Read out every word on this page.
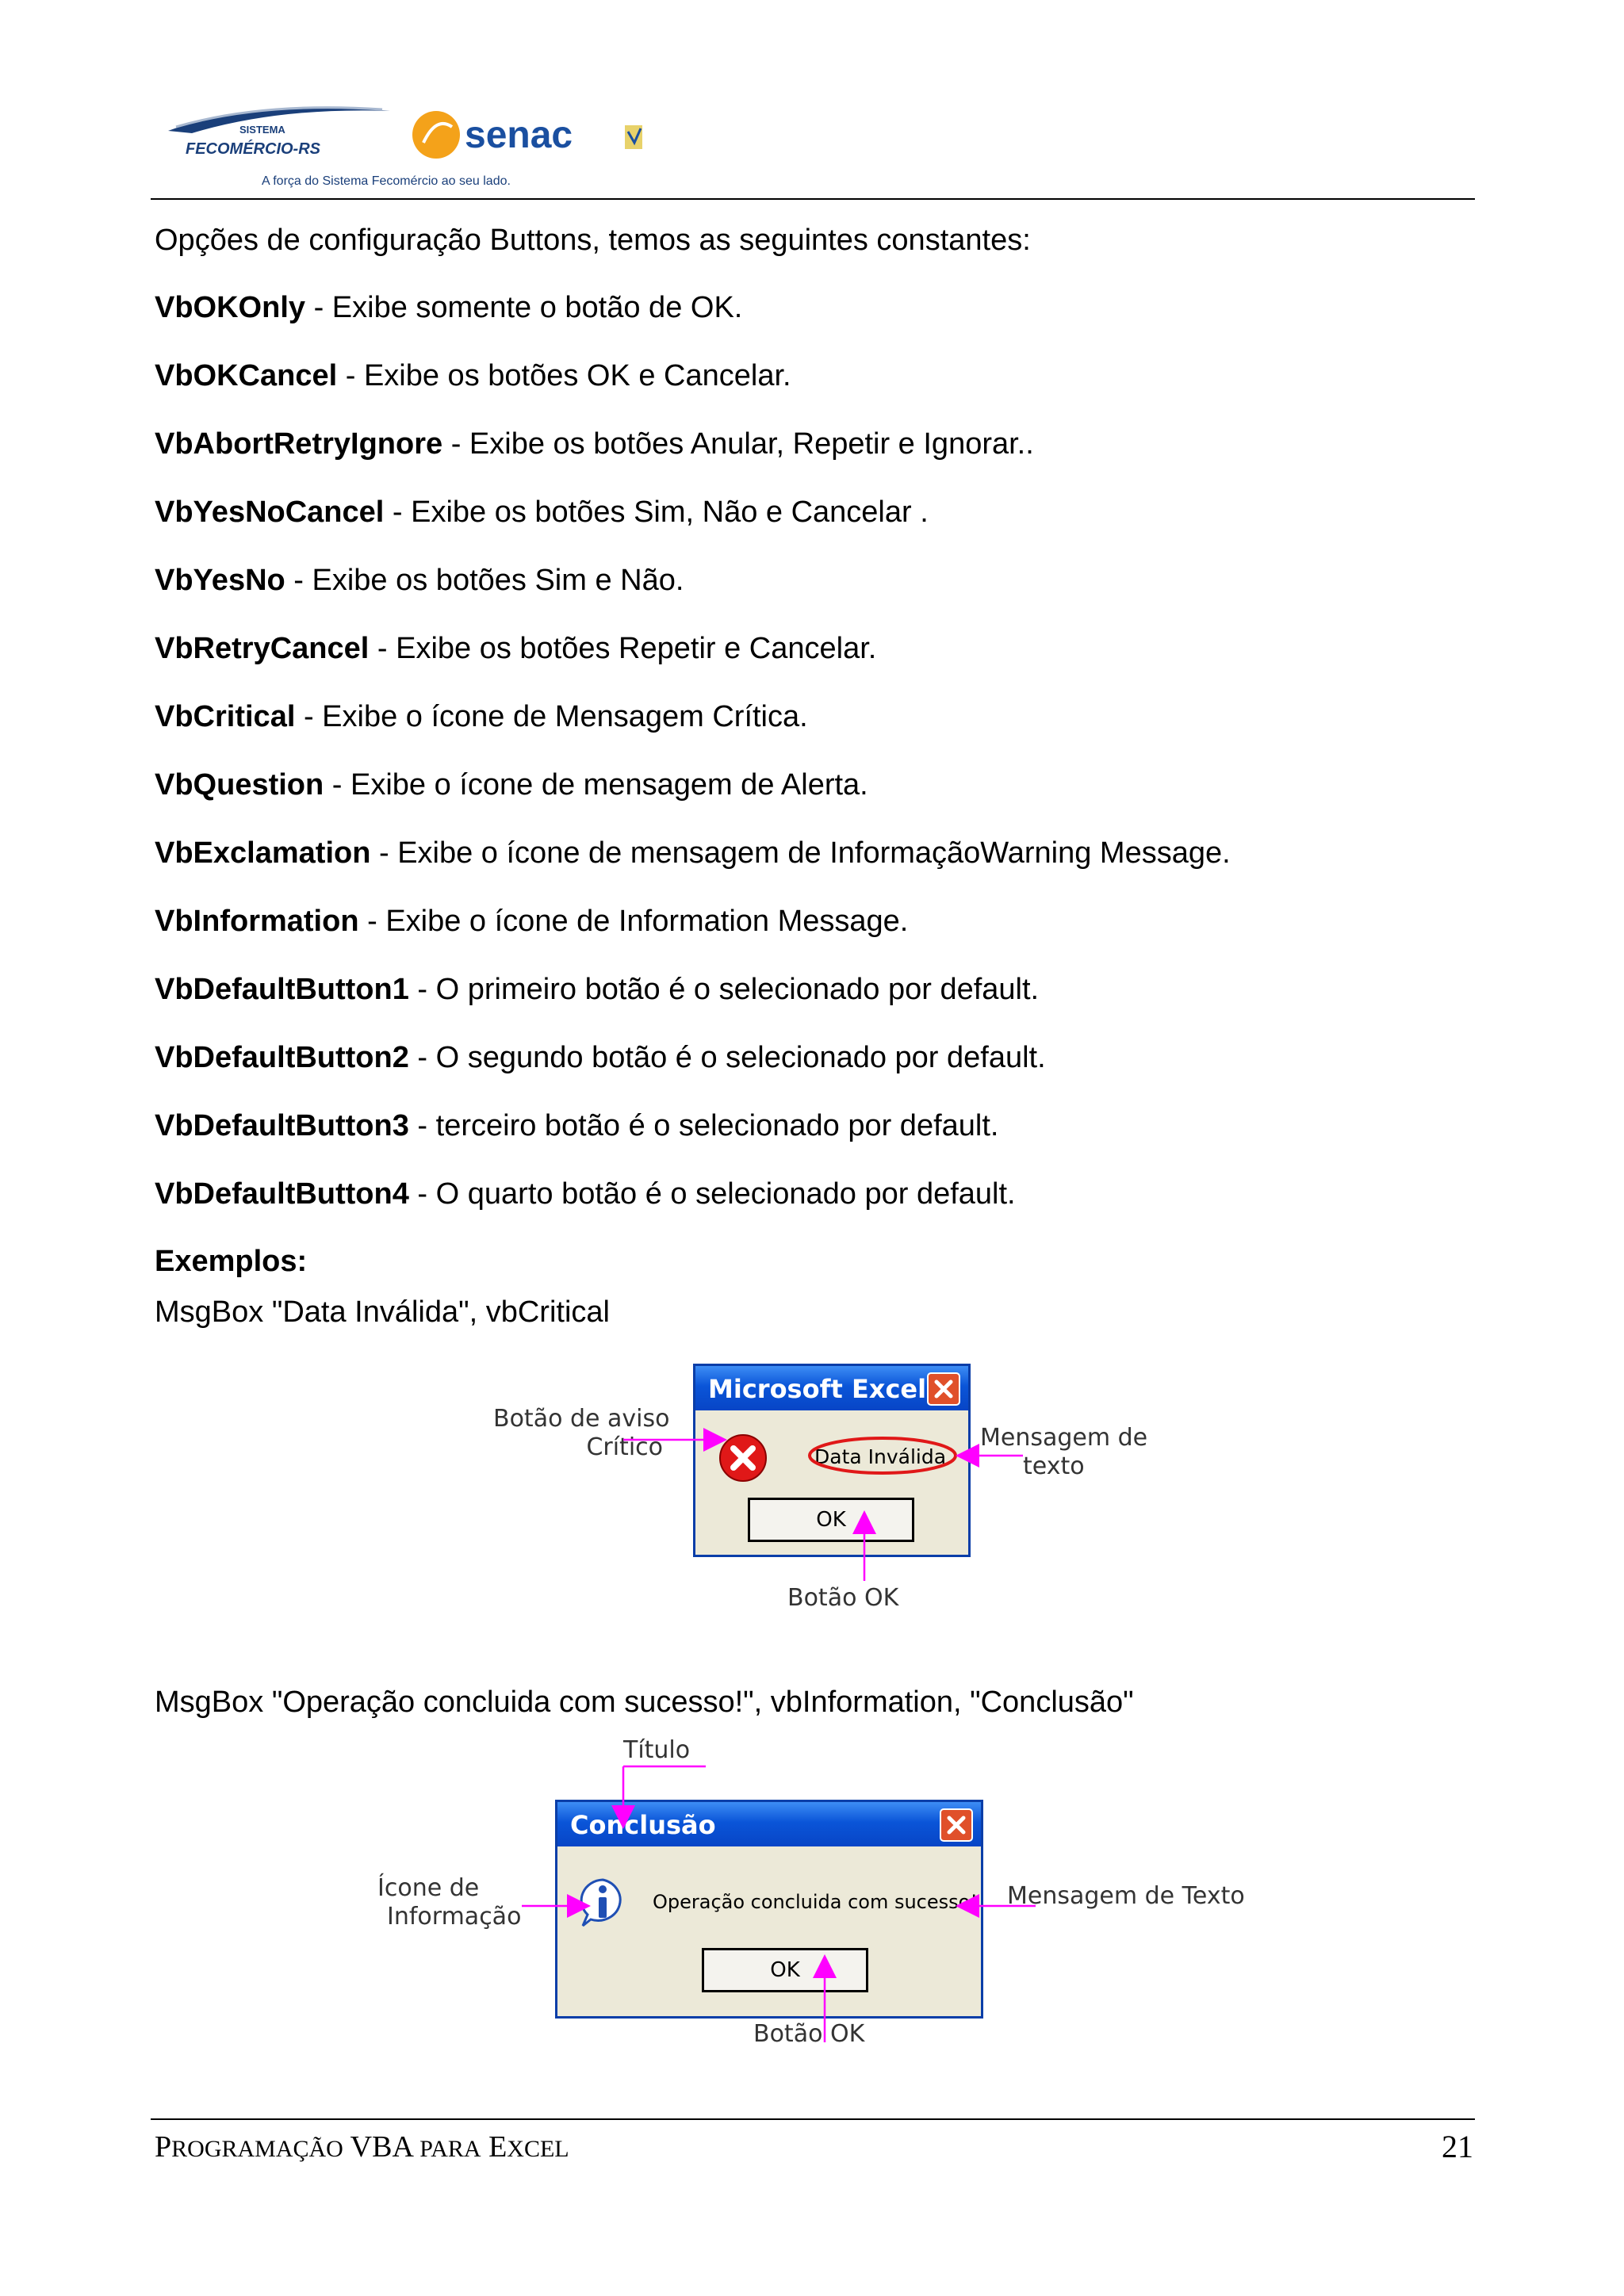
SISTEMA
FECOMÉRCIO-RS	senac
A força do Sistema Fecomércio ao seu lado.
Opções de configuração Buttons, temos as seguintes constantes:
VbOKOnly - Exibe somente o botão de OK.
VbOKCancel - Exibe os botões OK e Cancelar.
VbAbortRetryIgnore - Exibe os botões Anular, Repetir e Ignorar..
VbYesNoCancel - Exibe os botões Sim, Não e Cancelar .
VbYesNo - Exibe os botões Sim e Não.
VbRetryCancel - Exibe os botões Repetir e Cancelar.
VbCritical - Exibe o ícone de Mensagem Crítica.
VbQuestion - Exibe o ícone de mensagem de Alerta.
VbExclamation - Exibe o ícone de mensagem de InformaçãoWarning Message.
VbInformation - Exibe o ícone de Information Message.
VbDefaultButton1 - O primeiro botão é o selecionado por default.
VbDefaultButton2 - O segundo botão é o selecionado por default.
VbDefaultButton3 - terceiro botão é o selecionado por default.
VbDefaultButton4 - O quarto botão é o selecionado por default.
Exemplos:
MsgBox "Data Inválida", vbCritical
Microsoft Excel
Data Inválida
OK
Botão de aviso
Crítico	Mensagem de
texto
Botão OK
MsgBox "Operação concluida com sucesso!", vbInformation, "Conclusão"
Conclusão
Operação concluida com sucesso!
OK
Título
Ícone de
Informação
Mensagem de Texto
Botão OK
PROGRAMAÇÃO VBA PARA EXCEL	21
